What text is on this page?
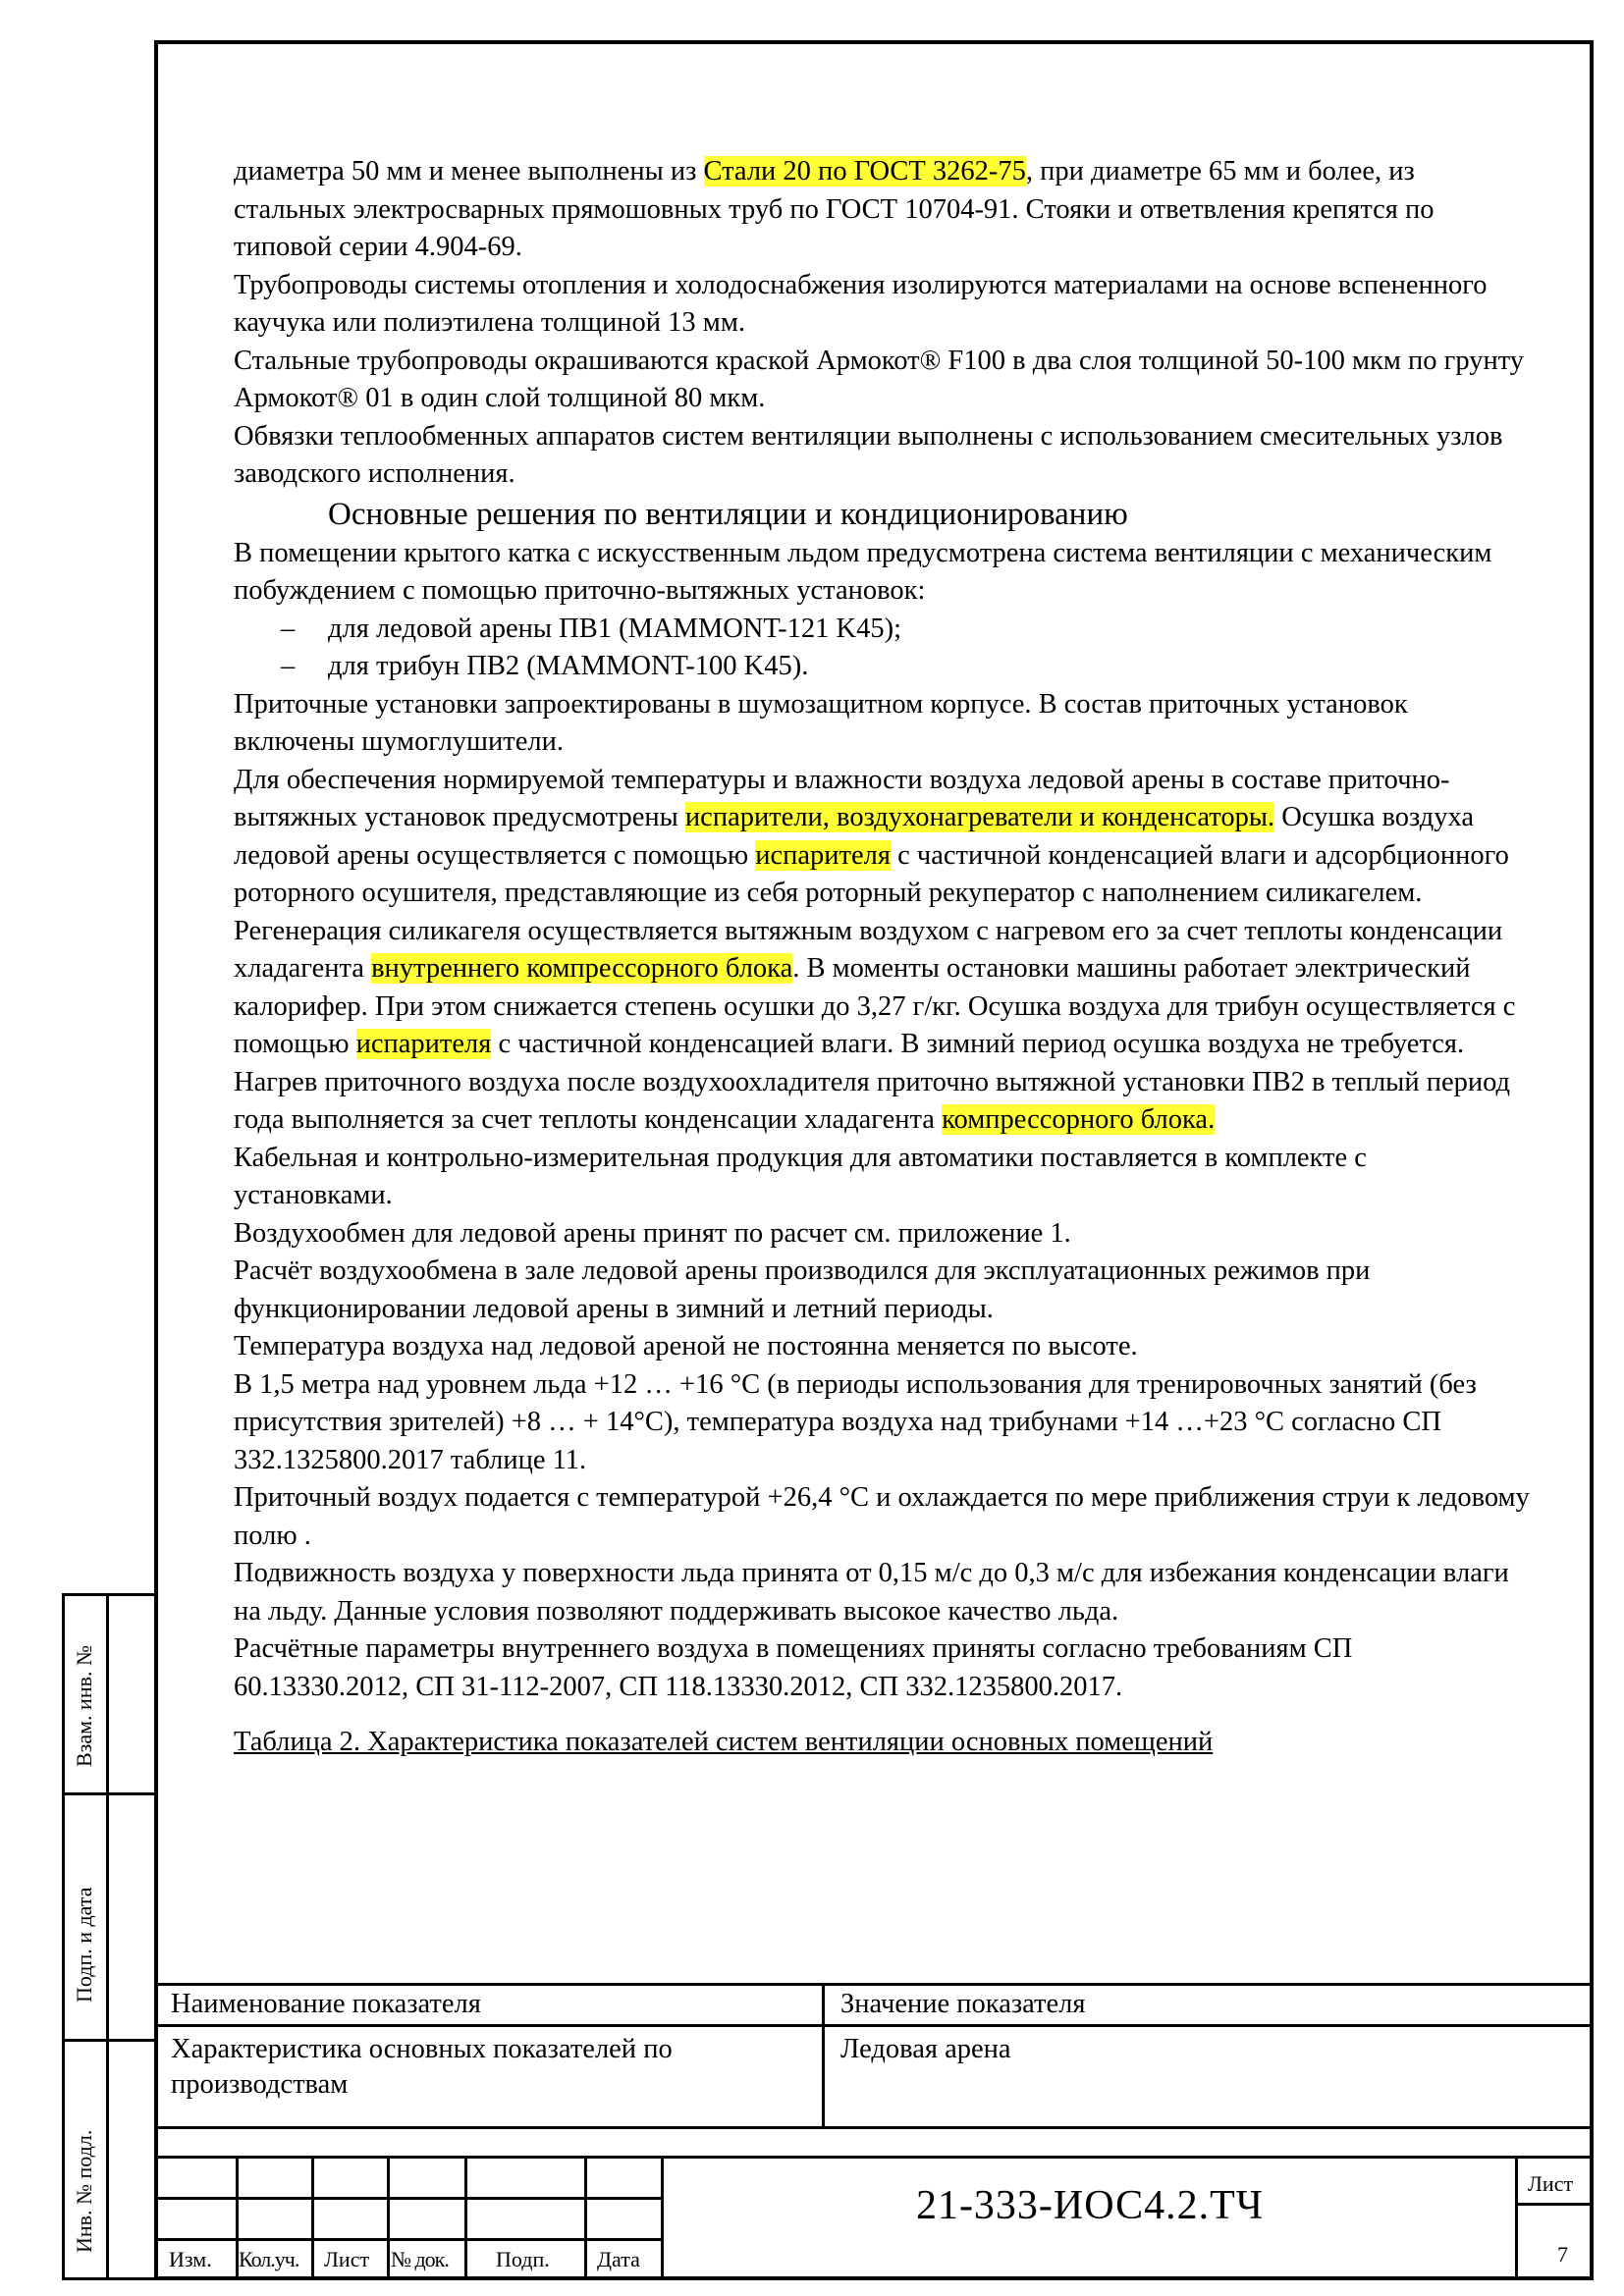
диаметра 50 мм и менее выполнены из Стали 20 по ГОСТ 3262-75, при диаметре 65 мм и более, из стальных электросварных прямошовных труб по ГОСТ 10704-91. Стояки и ответвления крепятся по типовой серии 4.904-69.

Трубопроводы системы отопления и холодоснабжения изолируются материалами на основе вспененного каучука или полиэтилена толщиной 13 мм.

Стальные трубопроводы окрашиваются краской Армокот® F100 в два слоя толщиной 50-100 мкм по грунту Армокот® 01 в один слой толщиной 80 мкм.

Обвязки теплообменных аппаратов систем вентиляции выполнены с использованием смесительных узлов заводского исполнения.

Основные решения по вентиляции и кондиционированию

В помещении крытого катка с искусственным льдом предусмотрена система вентиляции с механическим побуждением с помощью приточно-вытяжных установок:

– для ледовой арены ПВ1 (MAMMONT-121 K45);

– для трибун ПВ2 (MAMMONT-100 K45).

Приточные установки запроектированы в шумозащитном корпусе. В состав приточных установок включены шумоглушители.

Для обеспечения нормируемой температуры и влажности воздуха ледовой арены в составе приточно-вытяжных установок предусмотрены испарители, воздухонагреватели и конденсаторы. Осушка воздуха ледовой арены осуществляется с помощью испарителя с частичной конденсацией влаги и адсорбционного роторного осушителя, представляющие из себя роторный рекуператор с наполнением силикагелем. Регенерация силикагеля осуществляется вытяжным воздухом с нагревом его за счет теплоты конденсации хладагента внутреннего компрессорного блока. В моменты остановки машины работает электрический калорифер. При этом снижается степень осушки до 3,27 г/кг. Осушка воздуха для трибун осуществляется с помощью испарителя с частичной конденсацией влаги. В зимний период осушка воздуха не требуется.

Нагрев приточного воздуха после воздухоохладителя приточно вытяжной установки ПВ2 в теплый период года выполняется за счет теплоты конденсации хладагента компрессорного блока.

Кабельная и контрольно-измерительная продукция для автоматики поставляется в комплекте с установками.

Воздухообмен для ледовой арены принят по расчет см. приложение 1.

Расчёт воздухообмена в зале ледовой арены производился для эксплуатационных режимов при функционировании ледовой арены в зимний и летний периоды.

Температура воздуха над ледовой ареной не постоянна меняется по высоте.

В 1,5 метра над уровнем льда +12 … +16 °С (в периоды использования для тренировочных занятий (без присутствия зрителей) +8 … + 14°С), температура воздуха над трибунами +14 …+23 °С согласно СП 332.1325800.2017 таблице 11.

Приточный воздух подается с температурой +26,4 °С и охлаждается по мере приближения струи к ледовому полю .

Подвижность воздуха у поверхности льда принята от 0,15 м/с до 0,3 м/с для избежания конденсации влаги на льду. Данные условия позволяют поддерживать высокое качество льда.

Расчётные параметры внутреннего воздуха в помещениях приняты согласно требованиям СП 60.13330.2012, СП 31-112-2007, СП 118.13330.2012, СП 332.1235800.2017.

Таблица 2. Характеристика показателей систем вентиляции основных помещений

Наименование показателя	Значение показателя
Характеристика основных показателей по производствам
Ледовая арена
Изм. Кол.уч. Лист № док. Подп. Дата
21-333-ИОС4.2.ТЧ	Лист
7
Взам. инв. №
Подп. и дата
Инв. № подл.
